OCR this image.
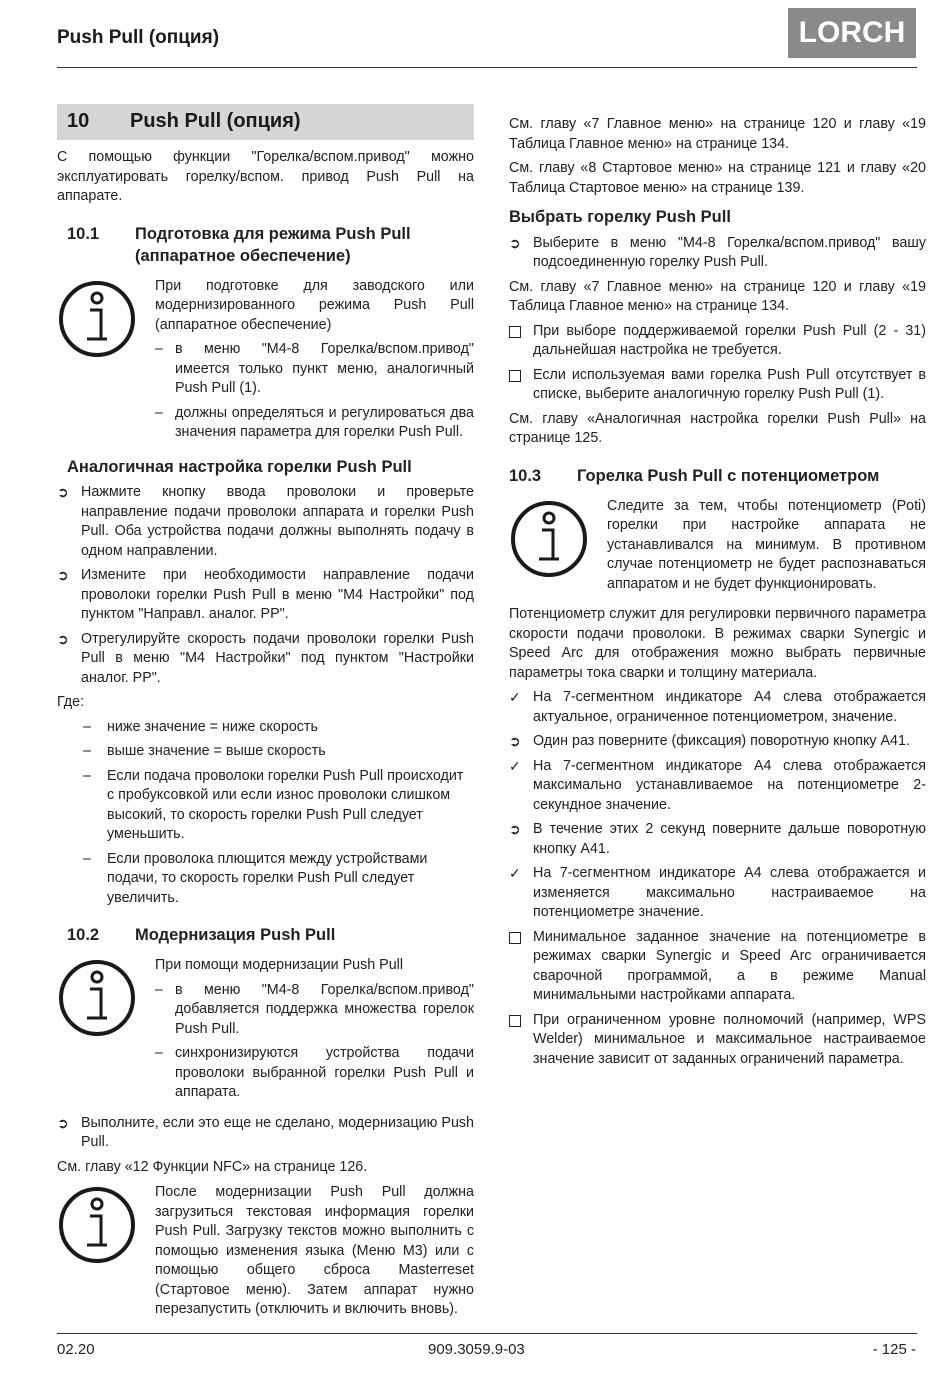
Push Pull (опция)	LORCH
10	Push Pull (опция)

С помощью функции "Горелка/вспом.привод" можно эксплуатировать горелку/вспом. привод Push Pull на аппарате.

10.1	Подготовка для режима Push Pull (аппаратное обеспечение)

При подготовке для заводского или модернизированного режима Push Pull (аппаратное обеспечение)

– в меню "M4-8 Горелка/вспом.привод" имеется только пункт меню, аналогичный Push Pull (1).
– должны определяться и регулироваться два значения параметра для горелки Push Pull.
Аналогичная настройка горелки Push Pull
➲ Нажмите кнопку ввода проволоки и проверьте направление подачи проволоки аппарата и горелки Push Pull. Оба устройства подачи должны выполнять подачу в одном направлении.
➲ Измените при необходимости направление подачи проволоки горелки Push Pull в меню "M4 Настройки" под пунктом "Направл. аналог. PP".
➲ Отрегулируйте скорость подачи проволоки горелки Push Pull в меню "M4 Настройки" под пунктом "Настройки аналог. PP".

Где:

–	ниже значение = ниже скорость
–	выше значение = выше скорость
–	Если подача проволоки горелки Push Pull происходит с пробуксовкой или если износ проволоки слишком высокий, то скорость горелки Push Pull следует уменьшить.
–	Если проволока плющится между устройствами подачи, то скорость горелки Push Pull следует увеличить.
10.2	Модернизация Push Pull

При помощи модернизации Push Pull

– в меню "M4-8 Горелка/вспом.привод" добавляется поддержка множества горелок Push Pull.
– синхронизируются устройства подачи проволоки выбранной горелки Push Pull и аппарата.
➲ Выполните, если это еще не сделано, модернизацию Push Pull.

См. главу «12 Функции NFC» на странице 126.

После модернизации Push Pull должна загрузиться текстовая информация горелки Push Pull. Загрузку текстов можно выполнить с помощью изменения языка (Меню M3) или с помощью общего сброса Masterreset (Стартовое меню). Затем аппарат нужно перезапустить (отключить и включить вновь).

См. главу «7 Главное меню» на странице 120 и главу «19 Таблица Главное меню» на странице 134.

См. главу «8 Стартовое меню» на странице 121 и главу «20 Таблица Стартовое меню» на странице 139.

Выбрать горелку Push Pull
➲ Выберите в меню "M4-8 Горелка/вспом.привод" вашу подсоединенную горелку Push Pull.

См. главу «7 Главное меню» на странице 120 и главу «19 Таблица Главное меню» на странице 134.

При выборе поддерживаемой горелки Push Pull (2 - 31) дальнейшая настройка не требуется.
Если используемая вами горелка Push Pull отсутствует в списке, выберите аналогичную горелку Push Pull (1).

См. главу «Аналогичная настройка горелки Push Pull» на странице 125.

10.3	Горелка Push Pull с потенциометром

Следите за тем, чтобы потенциометр (Poti) горелки при настройке аппарата не устанавливался на минимум. В противном случае потенциометр не будет распознаваться аппаратом и не будет функционировать.

Потенциометр служит для регулировки первичного параметра скорости подачи проволоки. В режимах сварки Synergic и Speed Arc для отображения можно выбрать первичные параметры тока сварки и толщину материала.

✓ На 7-сегментном индикаторе A4 слева отображается актуальное, ограниченное потенциометром, значение.
➲ Один раз поверните (фиксация) поворотную кнопку A41.
✓ На 7-сегментном индикаторе A4 слева отображается максимально устанавливаемое на потенциометре 2-секундное значение.
➲ В течение этих 2 секунд поверните дальше поворотную кнопку A41.
✓ На 7-сегментном индикаторе A4 слева отображается и изменяется максимально настраиваемое на потенциометре значение.
Минимальное заданное значение на потенциометре в режимах сварки Synergic и Speed Arc ограничивается сварочной программой, а в режиме Manual минимальными настройками аппарата.
При ограниченном уровне полномочий (например, WPS Welder) минимальное и максимальное настраиваемое значение зависит от заданных ограничений параметра.
02.20	909.3059.9-03	- 125 -
